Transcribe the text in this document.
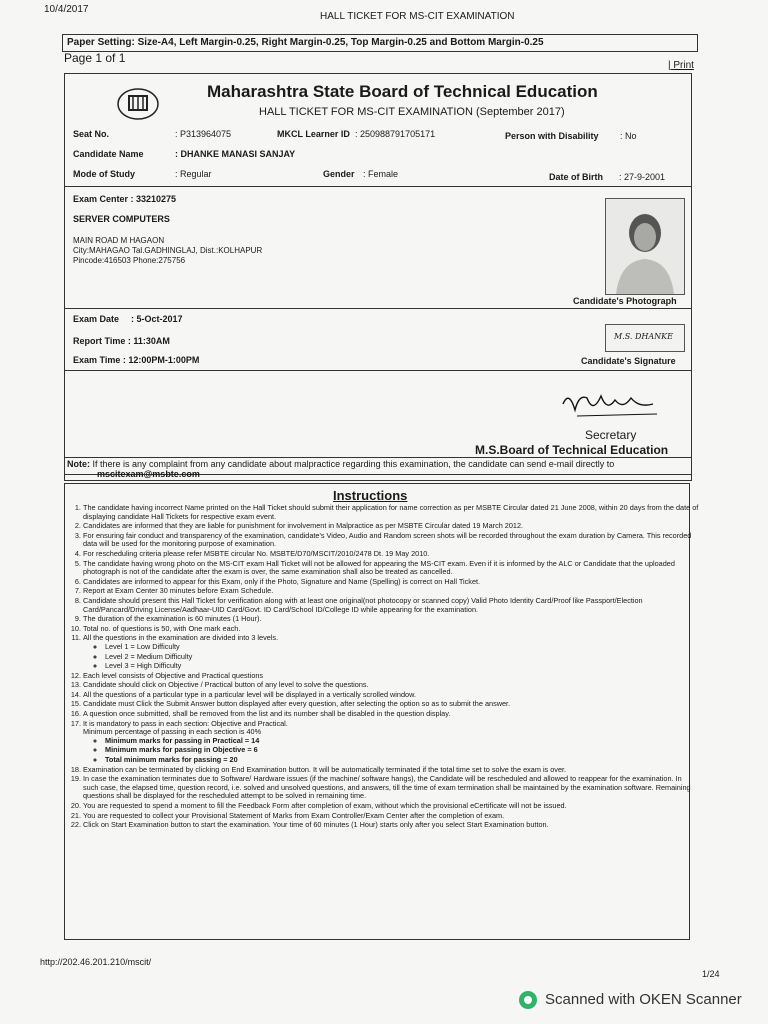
10/4/2017
HALL TICKET FOR MS-CIT EXAMINATION
Paper Setting: Size-A4, Left Margin-0.25, Right Margin-0.25, Top Margin-0.25 and Bottom Margin-0.25
Page 1 of 1
| Print
Maharashtra State Board of Technical Education
HALL TICKET FOR MS-CIT EXAMINATION (September 2017)
Seat No.	: P313964075	MKCL Learner ID : 250988791705171	Person with Disability : No
Candidate Name	: DHANKE MANASI SANJAY
Mode of Study	: Regular	Gender : Female	Date of Birth : 27-9-2001
Exam Center : 33210275
SERVER COMPUTERS
MAIN ROAD M HAGAON
City:MAHAGAO Tal.GADHINGLAJ, Dist.:KOLHAPUR
Pincode:416503 Phone:275756
Candidate's Photograph
Exam Date : 5-Oct-2017
Report Time : 11:30AM
Exam Time : 12:00PM-1:00PM
M.S. DHANKE
Candidate's Signature
Secretary
M.S.Board of Technical Education
Note: If there is any complaint from any candidate about malpractice regarding this examination, the candidate can send e-mail directly to
mscitexam@msbte.com
Instructions
1. The candidate having incorrect Name printed on the Hall Ticket should submit their application for name correction as per MSBTE Circular dated 21 June 2008, within 20 days from the date of displaying candidate Hall Tickets for respective exam event.
2. Candidates are informed that they are liable for punishment for involvement in Malpractice as per MSBTE Circular dated 19 March 2012.
3. For ensuring fair conduct and transparency of the examination, candidate's Video, Audio and Random screen shots will be recorded throughout the exam duration by Camera. This recorded data will be used for the monitoring purpose of examination.
4. For rescheduling criteria please refer MSBTE circular No. MSBTE/D70/MSCIT/2010/2478 Dt. 19 May 2010.
5. The candidate having wrong photo on the MS-CIT exam Hall Ticket will not be allowed for appearing the MS-CIT exam. Even if it is informed by the ALC or Candidate that the uploaded photograph is not of the candidate after the exam is over, the same examination shall also be treated as cancelled.
6. Candidates are informed to appear for this Exam, only if the Photo, Signature and Name (Spelling) is correct on Hall Ticket.
7. Report at Exam Center 30 minutes before Exam Schedule.
8. Candidate should present this Hall Ticket for verification along with at least one original(not photocopy or scanned copy) Valid Photo Identity Card/Proof like Passport/Election Card/Pancard/Driving License/Aadhaar-UID Card/Govt. ID Card/School ID/College ID while appearing for the examination.
9. The duration of the examination is 60 minutes (1 Hour).
10. Total no. of questions is 50, with One mark each.
11. All the questions in the examination are divided into 3 levels.
◦ Level 1 = Low Difficulty
◦ Level 2 = Medium Difficulty
◦ Level 3 = High Difficulty
12. Each level consists of Objective and Practical questions
13. Candidate should click on Objective / Practical button of any level to solve the questions.
14. All the questions of a particular type in a particular level will be displayed in a vertically scrolled window.
15. Candidate must Click the Submit Answer button displayed after every question, after selecting the option so as to submit the answer.
16. A question once submitted, shall be removed from the list and its number shall be disabled in the question display.
17. It is mandatory to pass in each section: Objective and Practical.
Minimum percentage of passing in each section is 40%
◦ Minimum marks for passing in Practical = 14
◦ Minimum marks for passing in Objective = 6
◦ Total minimum marks for passing = 20
18. Examination can be terminated by clicking on End Examination button. It will be automatically terminated if the total time set to solve the exam is over.
19. In case the examination terminates due to Software/ Hardware issues (if the machine/ software hangs), the Candidate will be rescheduled and allowed to reappear for the examination. In such case, the elapsed time, question record, i.e. solved and unsolved questions, and answers, till the time of exam termination shall be maintained by the examination software. Remaining questions shall be displayed for the rescheduled attempt to be solved in remaining time.
20. You are requested to spend a moment to fill the Feedback Form after completion of exam, without which the provisional eCertificate will not be issued.
21. You are requested to collect your Provisional Statement of Marks from Exam Controller/Exam Center after the completion of exam.
22. Click on Start Examination button to start the examination. Your time of 60 minutes (1 Hour) starts only after you select Start Examination button.
http://202.46.201.210/mscit/
1/24
Scanned with OKEN Scanner
